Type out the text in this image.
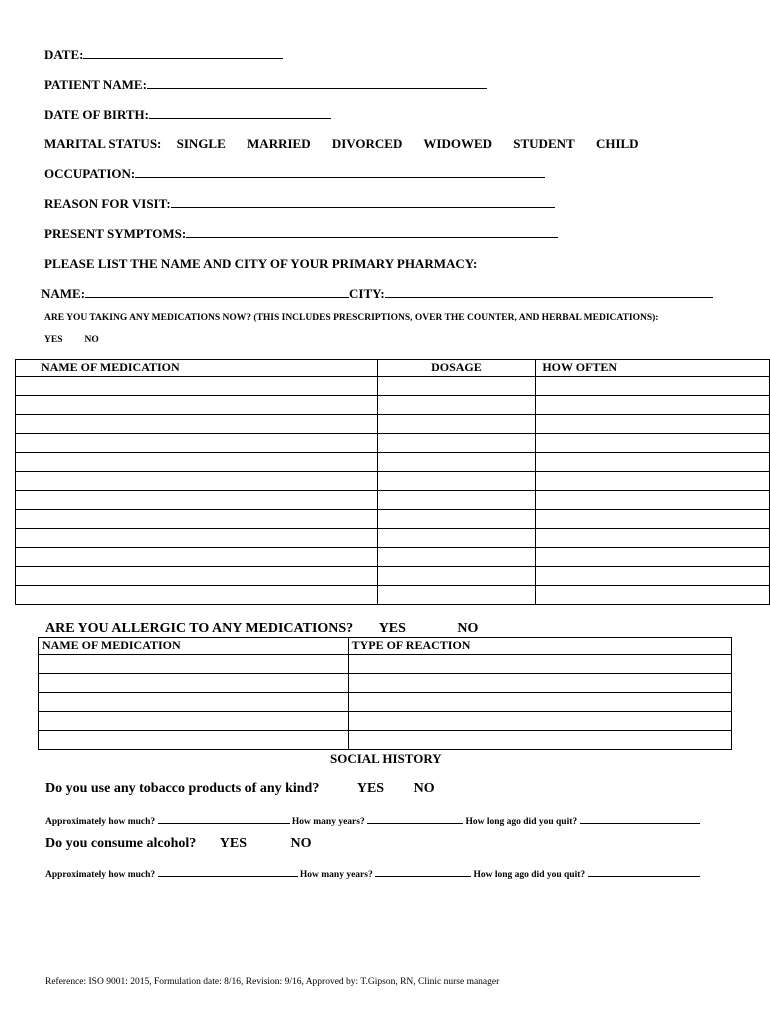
DATE:
PATIENT NAME:
DATE OF BIRTH:
MARITAL STATUS: SINGLE MARRIED DIVORCED WIDOWED STUDENT CHILD
OCCUPATION:
REASON FOR VISIT:
PRESENT SYMPTOMS:
PLEASE LIST THE NAME AND CITY OF YOUR PRIMARY PHARMACY:
NAME:	CITY:
ARE YOU TAKING ANY MEDICATIONS NOW? (THIS INCLUDES PRESCRIPTIONS, OVER THE COUNTER, AND HERBAL MEDICATIONS):
YES NO
NAME OF MEDICATION	DOSAGE	HOW OFTEN

ARE YOU ALLERGIC TO ANY MEDICATIONS? YES	NO
NAME OF MEDICATION	TYPE OF REACTION

SOCIAL HISTORY
Do you use any tobacco products of any kind?	YES NO
Approximately how much?	How many years?	How long ago did you quit?
Do you consume alcohol? YES	NO
Approximately how much?	How many years?	How long ago did you quit?
Reference: ISO 9001: 2015, Formulation date: 8/16, Revision: 9/16, Approved by: T.Gipson, RN, Clinic nurse manager
